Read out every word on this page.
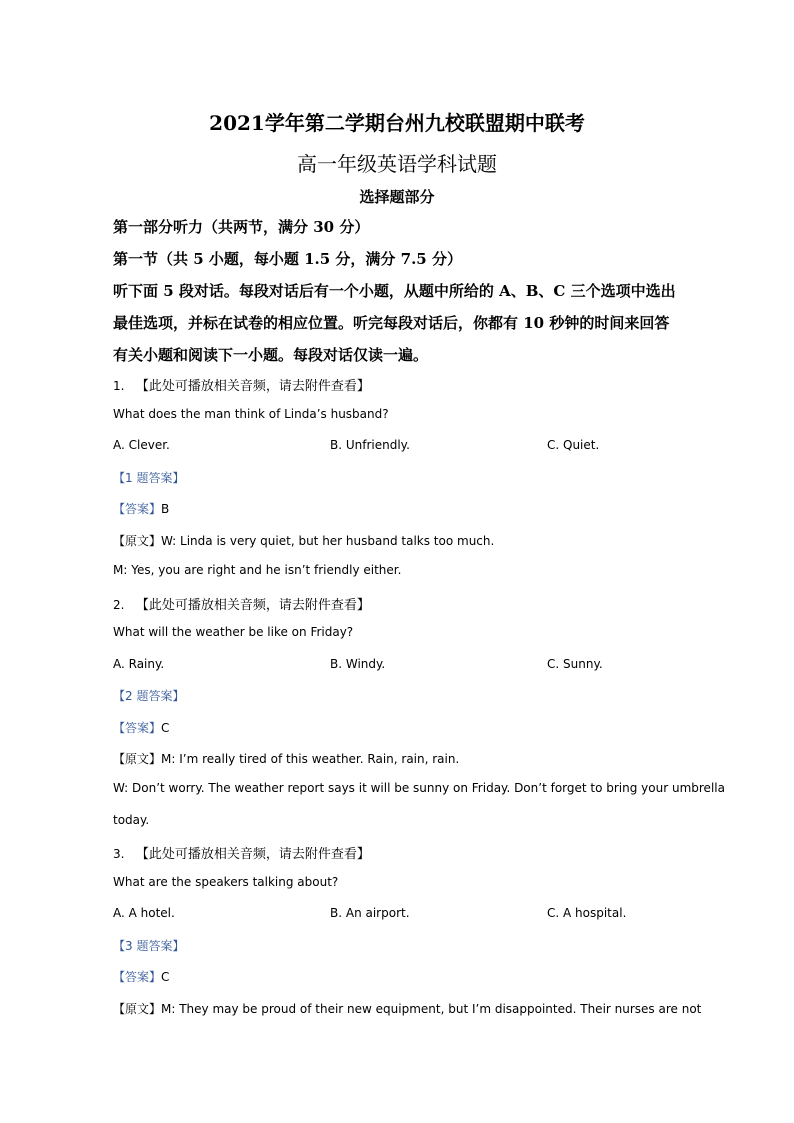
2021学年第二学期台州九校联盟期中联考
高一年级英语学科试题
选择题部分
第一部分听力（共两节，满分 30 分）
第一节（共 5 小题，每小题 1.5 分，满分 7.5 分）
听下面 5 段对话。每段对话后有一个小题，从题中所给的 A、B、C 三个选项中选出
最佳选项，并标在试卷的相应位置。听完每段对话后，你都有 10 秒钟的时间来回答
有关小题和阅读下一小题。每段对话仅读一遍。
1. 【此处可播放相关音频，请去附件查看】
What does the man think of Linda’s husband?
A. Clever.	B. Unfriendly.	C. Quiet.
【1 题答案】
【答案】B
【原文】W: Linda is very quiet, but her husband talks too much.
M: Yes, you are right and he isn’t friendly either.
2. 【此处可播放相关音频，请去附件查看】
What will the weather be like on Friday?
A. Rainy.	B. Windy.	C. Sunny.
【2 题答案】
【答案】C
【原文】M: I’m really tired of this weather. Rain, rain, rain.
W: Don’t worry. The weather report says it will be sunny on Friday. Don’t forget to bring your umbrella
today.
3. 【此处可播放相关音频，请去附件查看】
What are the speakers talking about?
A. A hotel.	B. An airport.	C. A hospital.
【3 题答案】
【答案】C
【原文】M: They may be proud of their new equipment, but I’m disappointed. Their nurses are not
